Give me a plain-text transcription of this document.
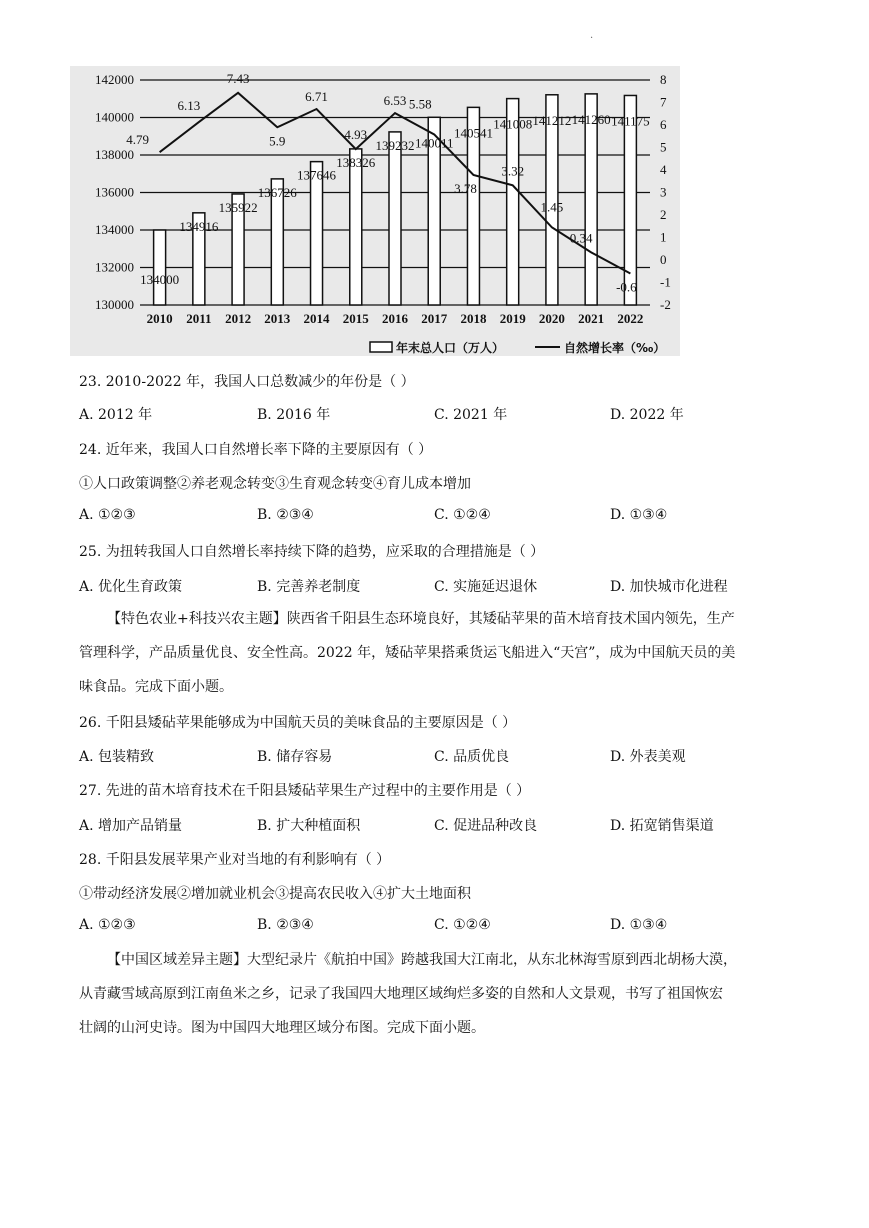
.
142000
140000
138000
136000
134000
132000
130000
8
7
6
5
4
3
2
1
0
-1
-2
2010 2011 2012 2013 2014 2015 2016 2017 2018 2019 2020 2021 2022
134000
134916
135922
136726
137646
138326
139232 140011
140541
141008 141212 141260 141175
4.79
6.13
7.43
5.9
6.71
4.93
6.53 5.58
3.78
3.32
1.45
0.34
-0.6
年末总人口（万人）	自然增长率（‰）
23. 2010-2022 年，我国人口总数减少的年份是（ ）
A. 2012 年	B. 2016 年	C. 2021 年	D. 2022 年
24. 近年来，我国人口自然增长率下降的主要原因有（ ）
①人口政策调整②养老观念转变③生育观念转变④育儿成本增加
A. ①②③	B. ②③④	C. ①②④	D. ①③④
25. 为扭转我国人口自然增长率持续下降的趋势，应采取的合理措施是（ ）
A. 优化生育政策	B. 完善养老制度	C. 实施延迟退休	D. 加快城市化进程
【特色农业+科技兴农主题】陕西省千阳县生态环境良好，其矮砧苹果的苗木培育技术国内领先，生产
管理科学，产品质量优良、安全性高。2022 年，矮砧苹果搭乘货运飞船进入“天宫”，成为中国航天员的美
味食品。完成下面小题。
26. 千阳县矮砧苹果能够成为中国航天员的美味食品的主要原因是（ ）
A. 包装精致	B. 储存容易	C. 品质优良	D. 外表美观
27. 先进的苗木培育技术在千阳县矮砧苹果生产过程中的主要作用是（ ）
A. 增加产品销量	B. 扩大种植面积	C. 促进品种改良	D. 拓宽销售渠道
28. 千阳县发展苹果产业对当地的有利影响有（ ）
①带动经济发展②增加就业机会③提高农民收入④扩大土地面积
A. ①②③	B. ②③④	C. ①②④	D. ①③④
【中国区域差异主题】大型纪录片《航拍中国》跨越我国大江南北，从东北林海雪原到西北胡杨大漠，
从青藏雪域高原到江南鱼米之乡，记录了我国四大地理区域绚烂多姿的自然和人文景观，书写了祖国恢宏
壮阔的山河史诗。图为中国四大地理区域分布图。完成下面小题。
